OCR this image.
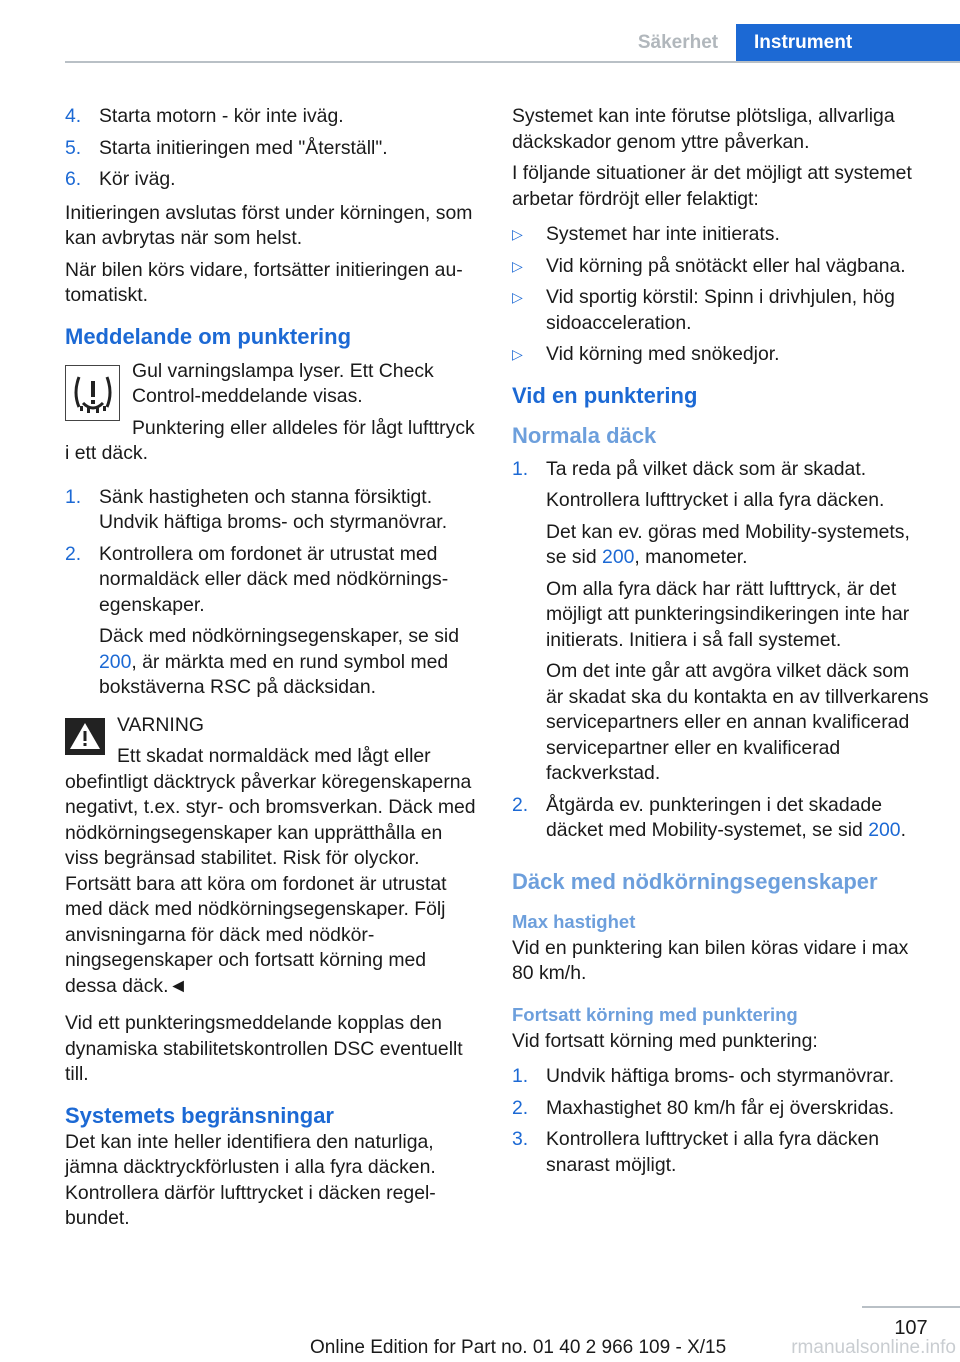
Säkerhet	Instrument
4. Starta motorn - kör inte iväg.
5. Starta initieringen med "Återställ".
6. Kör iväg.

Initieringen avslutas först under körningen, som kan avbrytas när som helst.

När bilen körs vidare, fortsätter initieringen automatiskt.

Meddelande om punktering

Gul varningslampa lyser. Ett Check Control-meddelande visas.

Punktering eller alldeles för lågt lufttryck i ett däck.

1. Sänk hastigheten och stanna försiktigt. Undvik häftiga broms- och styrmanövrar.
2. Kontrollera om fordonet är utrustat med normaldäck eller däck med nödkörningsegenskaper.

Däck med nödkörningsegenskaper, se sid 200, är märkta med en rund symbol med bokstäverna RSC på däcksidan.

VARNING

Ett skadat normaldäck med lågt eller obefintligt däcktryck påverkar köregenskaperna negativt, t.ex. styr- och bromsverkan. Däck med nödkörningsegenskaper kan upprätthålla en viss begränsad stabilitet. Risk för olyckor. Fortsätt bara att köra om fordonet är utrustat med däck med nödkörningsegenskaper. Följ anvisningarna för däck med nödkörningsegenskaper och fortsatt körning med dessa däck.◄

Vid ett punkteringsmeddelande kopplas den dynamiska stabilitetskontrollen DSC eventuellt till.

Systemets begränsningar

Det kan inte heller identifiera den naturliga, jämna däcktryckförlusten i alla fyra däcken. Kontrollera därför lufttrycket i däcken regelbundet.

Systemet kan inte förutse plötsliga, allvarliga däckskador genom yttre påverkan.

I följande situationer är det möjligt att systemet arbetar fördröjt eller felaktigt:

▷	Systemet har inte initierats.
▷	Vid körning på snötäckt eller hal vägbana.
▷	Vid sportig körstil: Spinn i drivhjulen, hög sidoacceleration.
▷	Vid körning med snökedjor.
Vid en punktering
Normala däck
1. Ta reda på vilket däck som är skadat.

Kontrollera lufttrycket i alla fyra däcken.

Det kan ev. göras med Mobility-systemets, se sid 200, manometer.

Om alla fyra däck har rätt lufttryck, är det möjligt att punkteringsindikeringen inte har initierats. Initiera i så fall systemet.

Om det inte går att avgöra vilket däck som är skadat ska du kontakta en av tillverkarens servicepartners eller en annan kvalificerad servicepartner eller en kvalificerad fackverkstad.

2. Åtgärda ev. punkteringen i det skadade däcket med Mobility-systemet, se sid 200.

Däck med nödkörningsegenskaper
Max hastighet

Vid en punktering kan bilen köras vidare i max 80 km/h.

Fortsatt körning med punktering

Vid fortsatt körning med punktering:

1. Undvik häftiga broms- och styrmanövrar.
2. Maxhastighet 80 km/h får ej överskridas.
3. Kontrollera lufttrycket i alla fyra däcken snarast möjligt.
107
Online Edition for Part no. 01 40 2 966 109 - X/15	rmanualsonline.info
